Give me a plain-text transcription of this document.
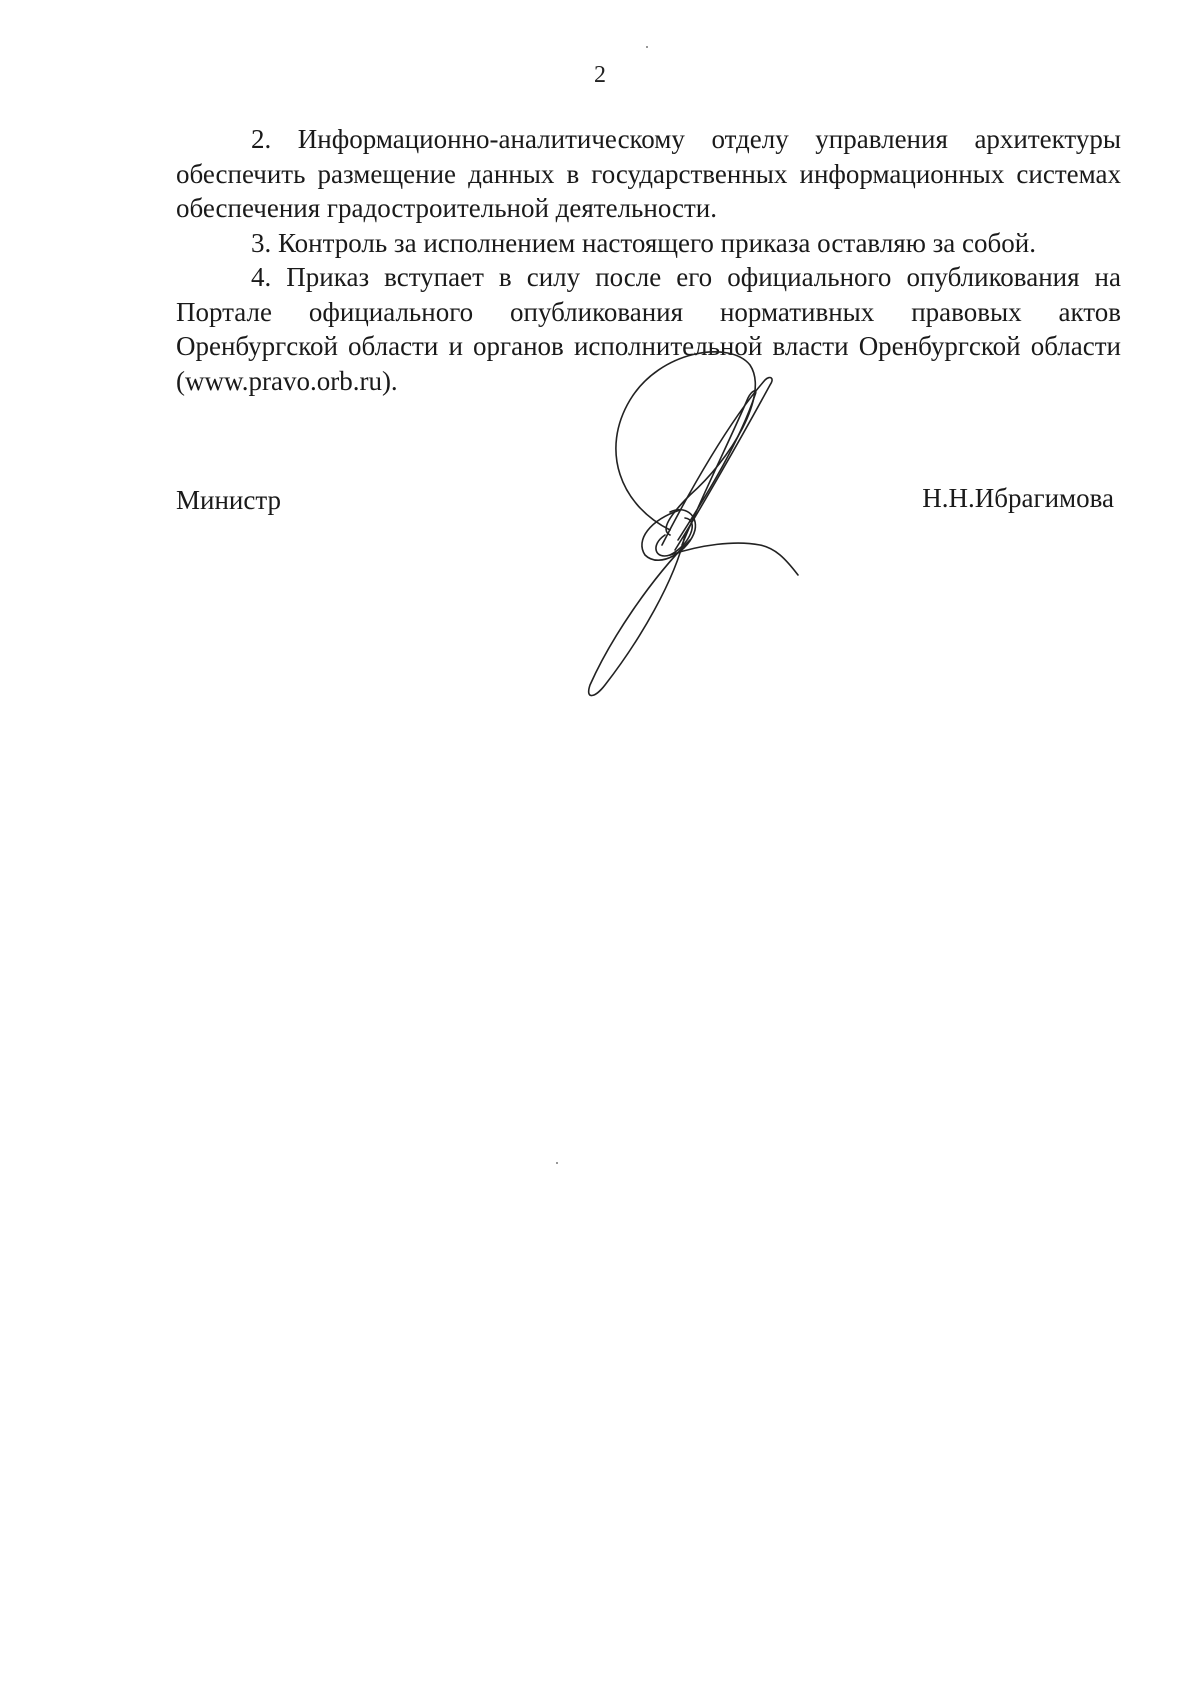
2

2. Информационно-аналитическому отделу управления архитектуры обеспечить размещение данных в государственных информационных системах обеспечения градостроительной деятельности.

3. Контроль за исполнением настоящего приказа оставляю за собой.

4. Приказ вступает в силу после его официального опубликования на Портале официального опубликования нормативных правовых актов Оренбургской области и органов исполнительной власти Оренбургской области (www.pravo.orb.ru).

Министр	Н.Н.Ибрагимова
